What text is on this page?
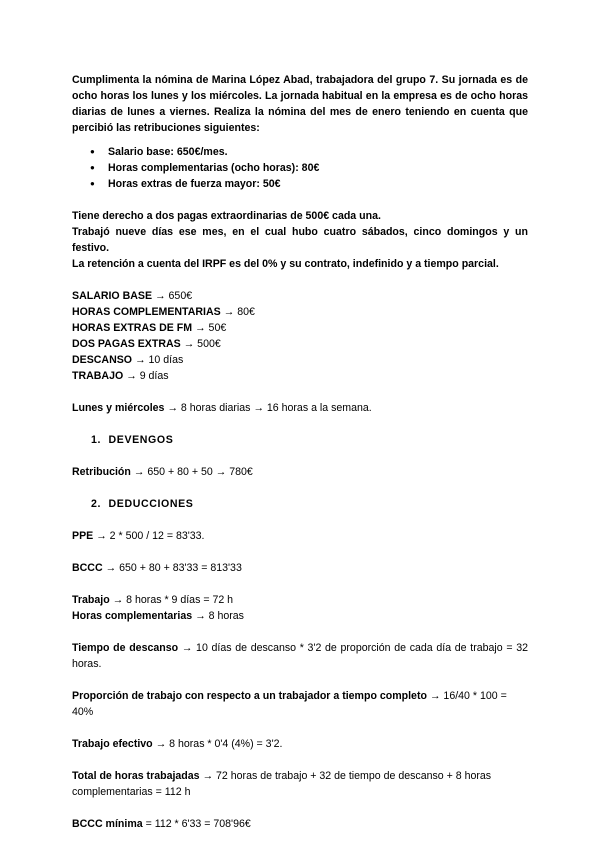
Cumplimenta la nómina de Marina López Abad, trabajadora del grupo 7. Su jornada es de ocho horas los lunes y los miércoles. La jornada habitual en la empresa es de ocho horas diarias de lunes a viernes. Realiza la nómina del mes de enero teniendo en cuenta que percibió las retribuciones siguientes:

● Salario base: 650€/mes.
● Horas complementarias (ocho horas): 80€
● Horas extras de fuerza mayor: 50€

Tiene derecho a dos pagas extraordinarias de 500€ cada una.

Trabajó nueve días ese mes, en el cual hubo cuatro sábados, cinco domingos y un festivo.

La retención a cuenta del IRPF es del 0% y su contrato, indefinido y a tiempo parcial.

SALARIO BASE → 650€

HORAS COMPLEMENTARIAS → 80€

HORAS EXTRAS DE FM → 50€

DOS PAGAS EXTRAS → 500€

DESCANSO → 10 días

TRABAJO → 9 días

Lunes y miércoles → 8 horas diarias → 16 horas a la semana.

1. DEVENGOS

Retribución → 650 + 80 + 50 → 780€

2. DEDUCCIONES

PPE → 2 * 500 / 12 = 83'33.

BCCC → 650 + 80 + 83'33 = 813'33

Trabajo → 8 horas * 9 días = 72 h

Horas complementarias → 8 horas

Tiempo de descanso → 10 días de descanso * 3'2 de proporción de cada día de trabajo = 32 horas.

Proporción de trabajo con respecto a un trabajador a tiempo completo → 16/40 * 100 = 40%

Trabajo efectivo → 8 horas * 0'4 (4%) = 3'2.

Total de horas trabajadas → 72 horas de trabajo + 32 de tiempo de descanso + 8 horas complementarias = 112 h

BCCC mínima = 112 * 6'33 = 708'96€
